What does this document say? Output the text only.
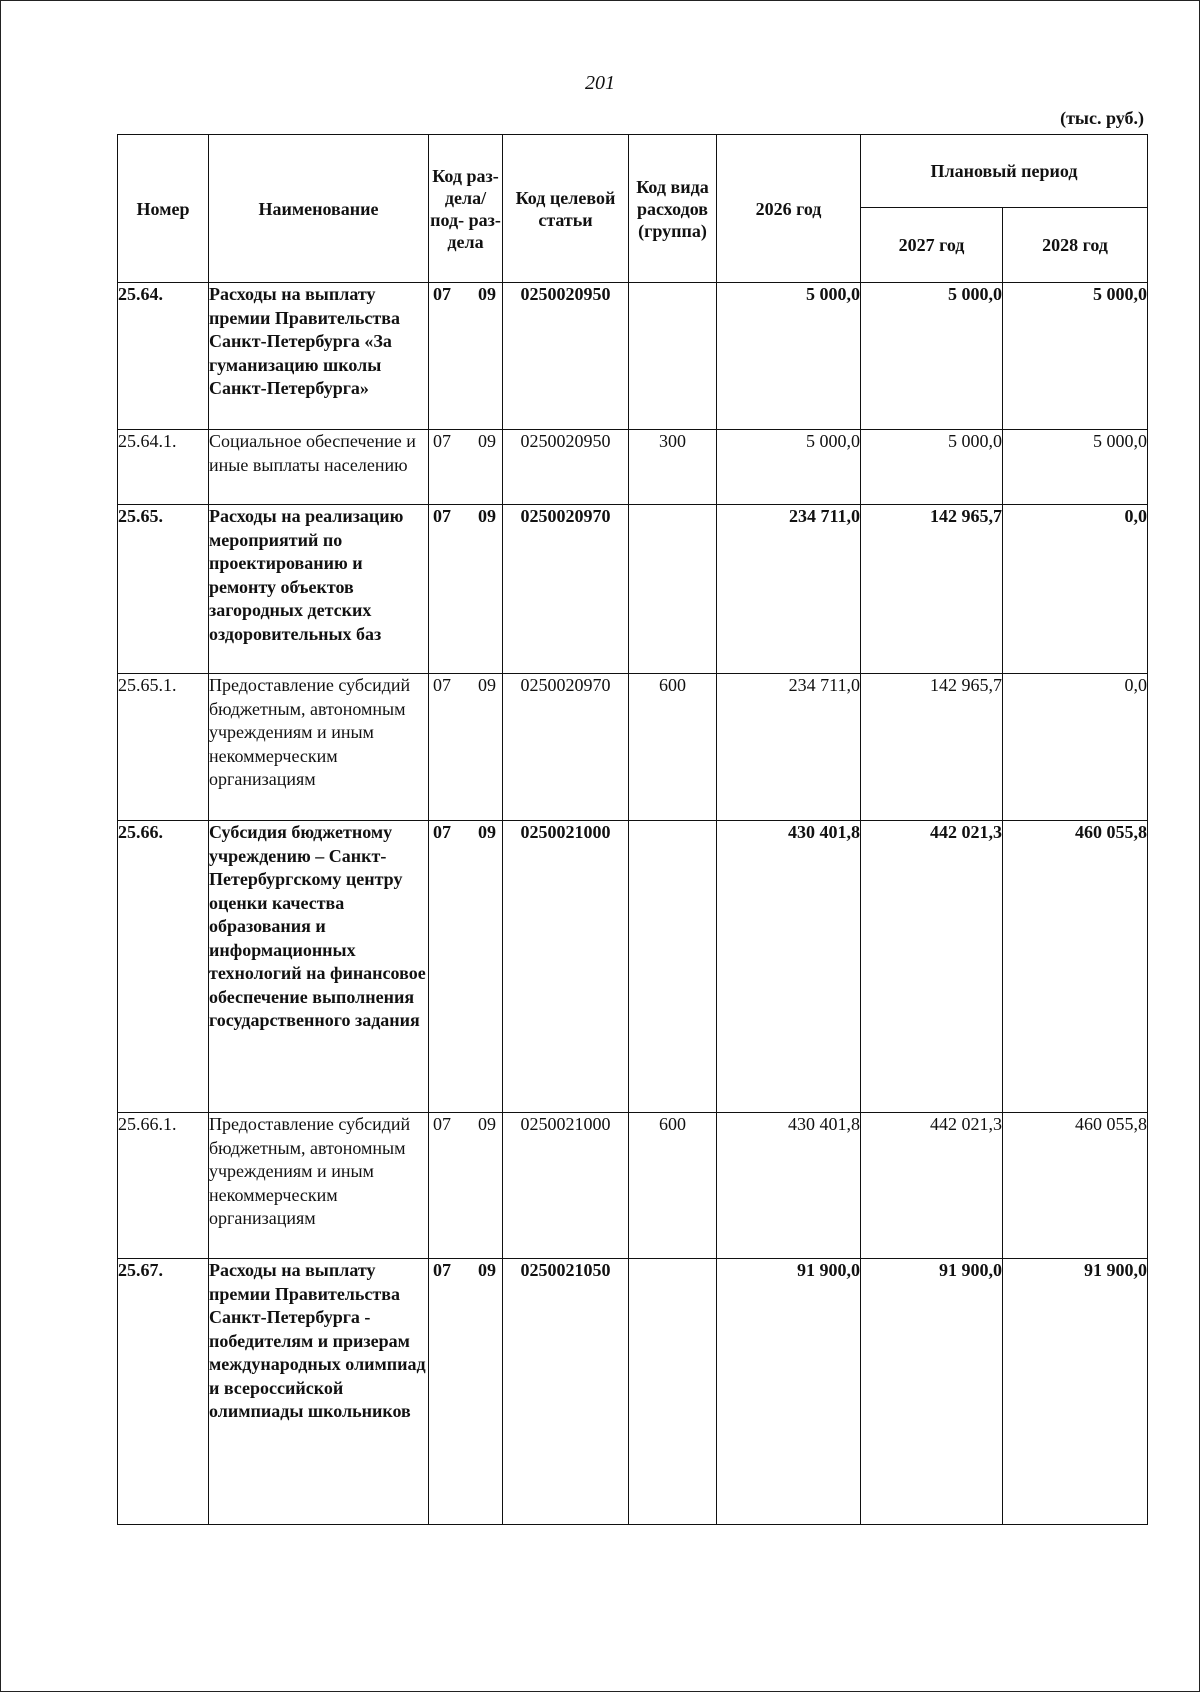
201
(тыс. руб.)
Номер	Наименование	Код раз- дела/ под- раз- дела	Код целевой статьи	Код вида расходов (группа)	2026 год	Плановый период	
						2027 год	2028 год
25.64.	Расходы на выплату премии Правительства Санкт-Петербурга «За гуманизацию школы Санкт-Петербурга»	07 09	0250020950		5 000,0	5 000,0	5 000,0
25.64.1.	Социальное обеспечение и иные выплаты населению	07 09	0250020950	300	5 000,0	5 000,0	5 000,0
25.65.	Расходы на реализацию мероприятий по проектированию и ремонту объектов загородных детских оздоровительных баз	07 09	0250020970		234 711,0	142 965,7	0,0
25.65.1.	Предоставление субсидий бюджетным, автономным учреждениям и иным некоммерческим организациям	07 09	0250020970	600	234 711,0	142 965,7	0,0
25.66.	Субсидия бюджетному учреждению – Санкт-Петербургскому центру оценки качества образования и информационных технологий на финансовое обеспечение выполнения государственного задания	07 09	0250021000		430 401,8	442 021,3	460 055,8
25.66.1.	Предоставление субсидий бюджетным, автономным учреждениям и иным некоммерческим организациям	07 09	0250021000	600	430 401,8	442 021,3	460 055,8
25.67.	Расходы на выплату премии Правительства Санкт-Петербурга - победителям и призерам международных олимпиад и всероссийской олимпиады школьников	07 09	0250021050		91 900,0	91 900,0	91 900,0
